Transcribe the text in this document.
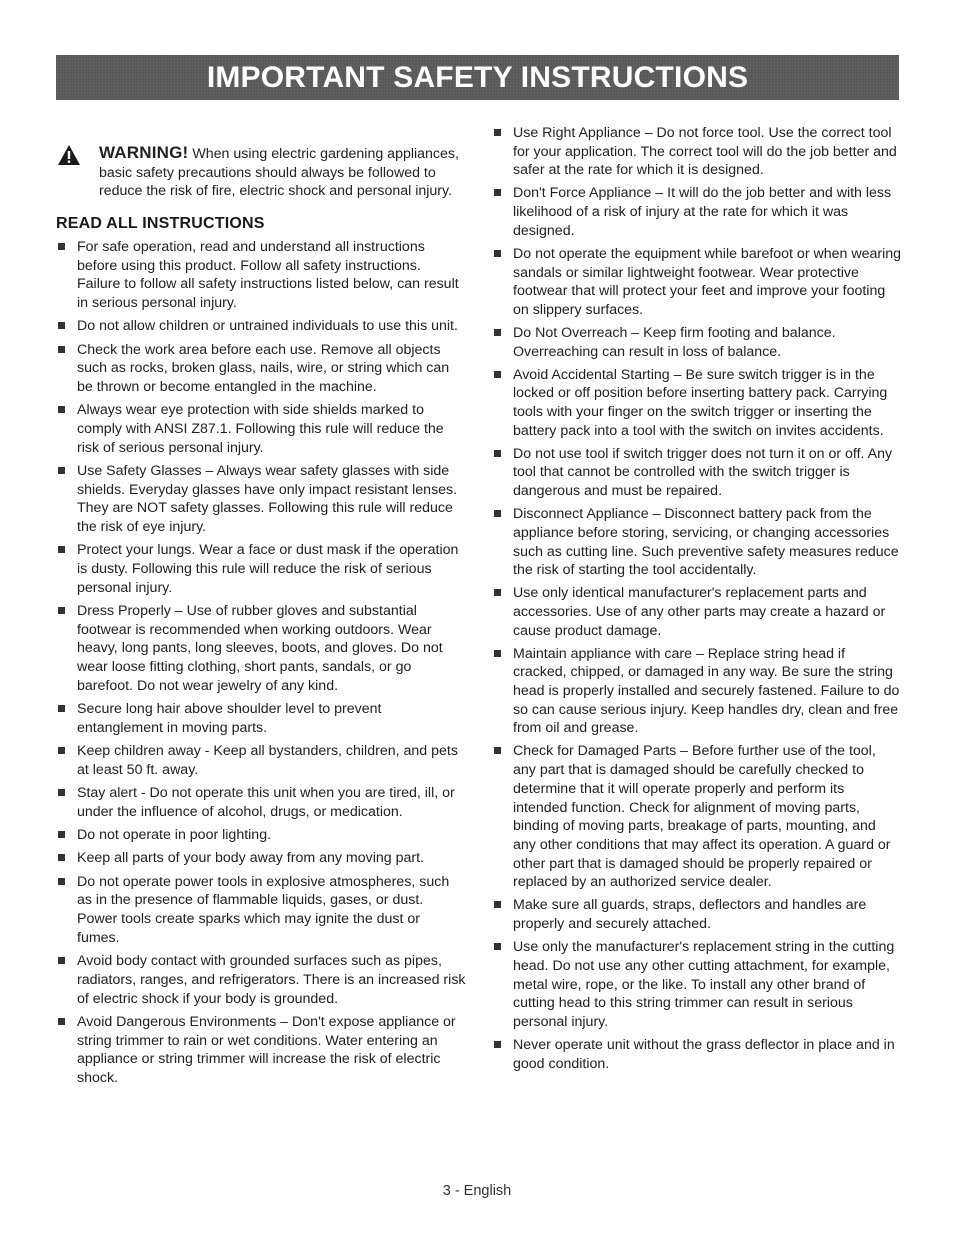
IMPORTANT SAFETY INSTRUCTIONS
WARNING! When using electric gardening appliances, basic safety precautions should always be followed to reduce the risk of fire, electric shock and personal injury.
READ ALL INSTRUCTIONS
For safe operation, read and understand all instructions before using this product. Follow all safety instructions. Failure to follow all safety instructions listed below, can result in serious personal injury.
Do not allow children or untrained individuals to use this unit.
Check the work area before each use. Remove all objects such as rocks, broken glass, nails, wire, or string which can be thrown or become entangled in the machine.
Always wear eye protection with side shields marked to comply with ANSI Z87.1. Following this rule will reduce the risk of serious personal injury.
Use Safety Glasses – Always wear safety glasses with side shields. Everyday glasses have only impact resistant lenses. They are NOT safety glasses. Following this rule will reduce the risk of eye injury.
Protect your lungs. Wear a face or dust mask if the operation is dusty. Following this rule will reduce the risk of serious personal injury.
Dress Properly – Use of rubber gloves and substantial footwear is recommended when working outdoors. Wear heavy, long pants, long sleeves, boots, and gloves. Do not wear loose fitting clothing, short pants, sandals, or go barefoot. Do not wear jewelry of any kind.
Secure long hair above shoulder level to prevent entanglement in moving parts.
Keep children away - Keep all bystanders, children, and pets at least 50 ft. away.
Stay alert - Do not operate this unit when you are tired, ill, or under the influence of alcohol, drugs, or medication.
Do not operate in poor lighting.
Keep all parts of your body away from any moving part.
Do not operate power tools in explosive atmospheres, such as in the presence of flammable liquids, gases, or dust. Power tools create sparks which may ignite the dust or fumes.
Avoid body contact with grounded surfaces such as pipes, radiators, ranges, and refrigerators. There is an increased risk of electric shock if your body is grounded.
Avoid Dangerous Environments – Don't expose appliance or string trimmer to rain or wet conditions. Water entering an appliance or string trimmer will increase the risk of electric shock.
Use Right Appliance – Do not force tool. Use the correct tool for your application. The correct tool will do the job better and safer at the rate for which it is designed.
Don't Force Appliance – It will do the job better and with less likelihood of a risk of injury at the rate for which it was designed.
Do not operate the equipment while barefoot or when wearing sandals or similar lightweight footwear. Wear protective footwear that will protect your feet and improve your footing on slippery surfaces.
Do Not Overreach – Keep firm footing and balance. Overreaching can result in loss of balance.
Avoid Accidental Starting – Be sure switch trigger is in the locked or off position before inserting battery pack. Carrying tools with your finger on the switch trigger or inserting the battery pack into a tool with the switch on invites accidents.
Do not use tool if switch trigger does not turn it on or off. Any tool that cannot be controlled with the switch trigger is dangerous and must be repaired.
Disconnect Appliance – Disconnect battery pack from the appliance before storing, servicing, or changing accessories such as cutting line. Such preventive safety measures reduce the risk of starting the tool accidentally.
Use only identical manufacturer's replacement parts and accessories. Use of any other parts may create a hazard or cause product damage.
Maintain appliance with care – Replace string head if cracked, chipped, or damaged in any way. Be sure the string head is properly installed and securely fastened. Failure to do so can cause serious injury. Keep handles dry, clean and free from oil and grease.
Check for Damaged Parts – Before further use of the tool, any part that is damaged should be carefully checked to determine that it will operate properly and perform its intended function. Check for alignment of moving parts, binding of moving parts, breakage of parts, mounting, and any other conditions that may affect its operation. A guard or other part that is damaged should be properly repaired or replaced by an authorized service dealer.
Make sure all guards, straps, deflectors and handles are properly and securely attached.
Use only the manufacturer's replacement string in the cutting head. Do not use any other cutting attachment, for example, metal wire, rope, or the like. To install any other brand of cutting head to this string trimmer can result in serious personal injury.
Never operate unit without the grass deflector in place and in good condition.
3 - English
